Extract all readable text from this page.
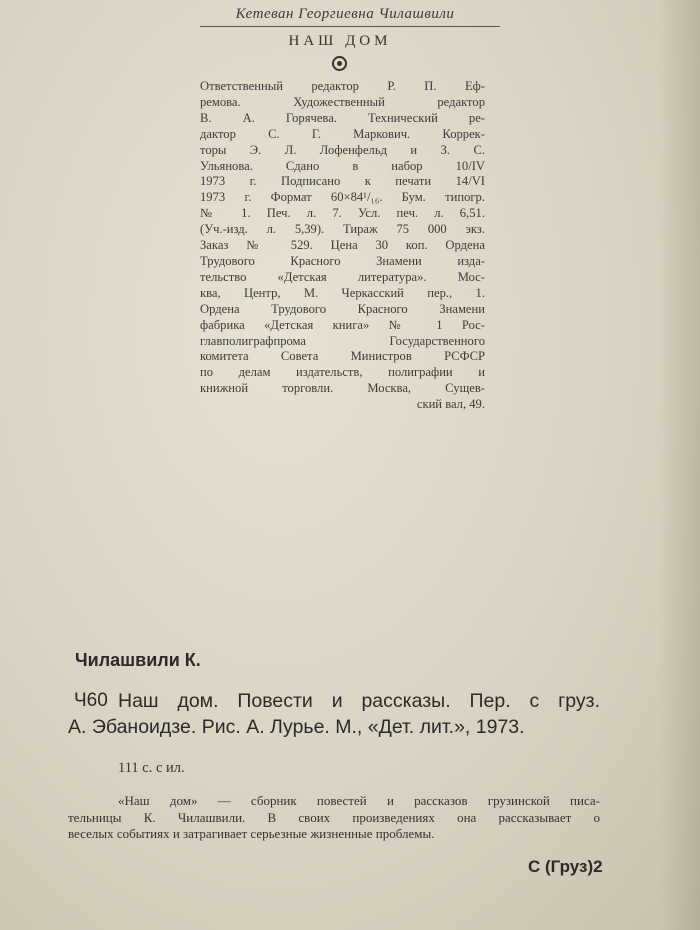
Кетеван Георгиевна Чилашвили
НАШ ДОМ
Ответственный редактор Р. П. Еф-
ремова. Художественный редактор
В. А. Горячева. Технический ре-
дактор С. Г. Маркович. Коррек-
торы Э. Л. Лофенфельд и З. С.
Ульянова. Сдано в набор 10/IV
1973 г. Подписано к печати 14/VI
1973 г. Формат 60×84¹/₁₆. Бум. типогр.
№ 1. Печ. л. 7. Усл. печ. л. 6,51.
(Уч.-изд. л. 5,39). Тираж 75 000 экз.
Заказ № 529. Цена 30 коп. Ордена
Трудового Красного Знамени изда-
тельство «Детская литература». Мос-
ква, Центр, М. Черкасский пер., 1.
Ордена Трудового Красного Знамени
фабрика «Детская книга» № 1 Рос-
главполиграфпрома Государственного
комитета Совета Министров РСФСР
по делам издательств, полиграфии и
книжной торговли. Москва, Сущев-
ский вал, 49.
Чилашвили К.
Ч60 Наш дом. Повести и рассказы. Пер. с груз.
А. Эбаноидзе. Рис. А. Лурье. М., «Дет. лит.», 1973.
111 с. с ил.
«Наш дом» — сборник повестей и рассказов грузинской писа-
тельницы К. Чилашвили. В своих произведениях она рассказывает о
веселых событиях и затрагивает серьезные жизненные проблемы.
С (Груз)2
